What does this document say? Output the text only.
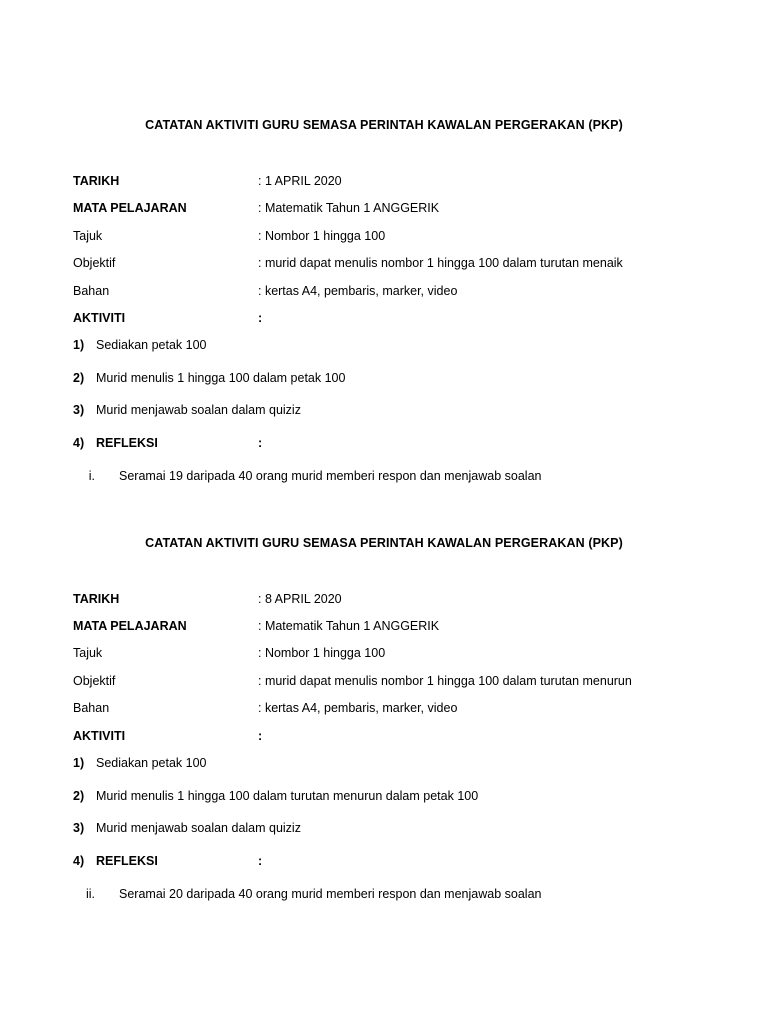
CATATAN AKTIVITI GURU SEMASA PERINTAH KAWALAN PERGERAKAN (PKP)
TARIKH	: 1 APRIL 2020
MATA PELAJARAN	: Matematik Tahun 1 ANGGERIK
Tajuk	: Nombor 1 hingga 100
Objektif	: murid dapat menulis nombor 1 hingga 100 dalam turutan menaik
Bahan	: kertas A4, pembaris, marker, video
AKTIVITI	:
1) Sediakan petak 100
2) Murid menulis 1 hingga 100 dalam petak 100
3) Murid menjawab soalan dalam quiziz
4) REFLEKSI	:
i. Seramai 19 daripada 40 orang murid memberi respon dan menjawab soalan
CATATAN AKTIVITI GURU SEMASA PERINTAH KAWALAN PERGERAKAN (PKP)
TARIKH	: 8 APRIL 2020
MATA PELAJARAN	: Matematik Tahun 1 ANGGERIK
Tajuk	: Nombor 1 hingga 100
Objektif	: murid dapat menulis nombor 1 hingga 100 dalam turutan menurun
Bahan	: kertas A4, pembaris, marker, video
AKTIVITI	:
1) Sediakan petak 100
2) Murid menulis 1 hingga 100 dalam turutan menurun dalam petak 100
3) Murid menjawab soalan dalam quiziz
4) REFLEKSI	:
ii. Seramai 20 daripada 40 orang murid memberi respon dan menjawab soalan
